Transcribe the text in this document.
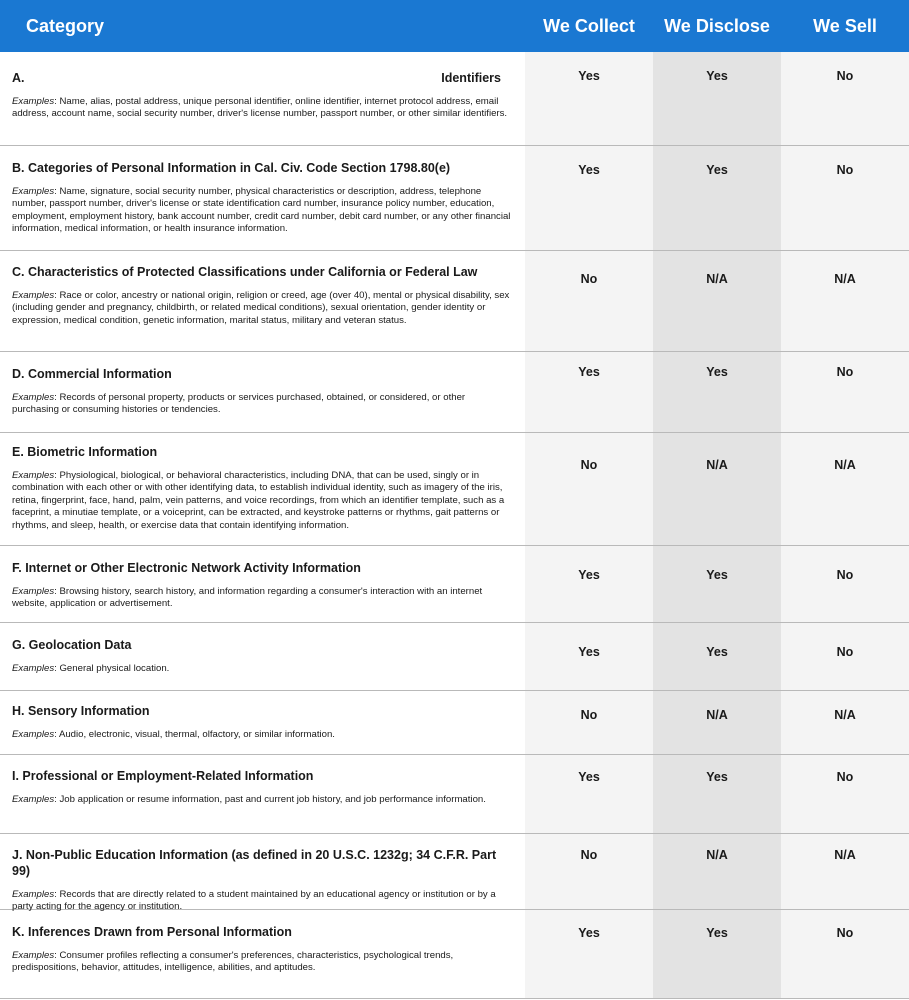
Category	We Collect	We Disclose	We Sell
A.	Identifiers
Examples: Name, alias, postal address, unique personal identifier, online identifier, internet protocol address, email address, account name, social security number, driver's license number, passport number, or other similar identifiers.
Yes	Yes	No
B. Categories of Personal Information in Cal. Civ. Code Section 1798.80(e)
Examples: Name, signature, social security number, physical characteristics or description, address, telephone number, passport number, driver's license or state identification card number, insurance policy number, education, employment, employment history, bank account number, credit card number, debit card number, or any other financial information, medical information, or health insurance information.
Yes	Yes	No
C. Characteristics of Protected Classifications under California or Federal Law
Examples: Race or color, ancestry or national origin, religion or creed, age (over 40), mental or physical disability, sex (including gender and pregnancy, childbirth, or related medical conditions), sexual orientation, gender identity or expression, medical condition, genetic information, marital status, military and veteran status.
No	N/A	N/A
D. Commercial Information
Examples: Records of personal property, products or services purchased, obtained, or considered, or other purchasing or consuming histories or tendencies.
Yes	Yes	No
E. Biometric Information
Examples: Physiological, biological, or behavioral characteristics, including DNA, that can be used, singly or in combination with each other or with other identifying data, to establish individual identity, such as imagery of the iris, retina, fingerprint, face, hand, palm, vein patterns, and voice recordings, from which an identifier template, such as a faceprint, a minutiae template, or a voiceprint, can be extracted, and keystroke patterns or rhythms, gait patterns or rhythms, and sleep, health, or exercise data that contain identifying information.
No	N/A	N/A
F. Internet or Other Electronic Network Activity Information
Examples: Browsing history, search history, and information regarding a consumer's interaction with an internet website, application or advertisement.
Yes	Yes	No
G. Geolocation Data
Examples: General physical location.
Yes	Yes	No
H. Sensory Information
Examples: Audio, electronic, visual, thermal, olfactory, or similar information.
No	N/A	N/A
I. Professional or Employment-Related Information
Examples: Job application or resume information, past and current job history, and job performance information.
Yes	Yes	No
J. Non-Public Education Information (as defined in 20 U.S.C. 1232g; 34 C.F.R. Part 99)
Examples: Records that are directly related to a student maintained by an educational agency or institution or by a party acting for the agency or institution.
No	N/A	N/A
K. Inferences Drawn from Personal Information
Examples: Consumer profiles reflecting a consumer's preferences, characteristics, psychological trends, predispositions, behavior, attitudes, intelligence, abilities, and aptitudes.
Yes	Yes	No
